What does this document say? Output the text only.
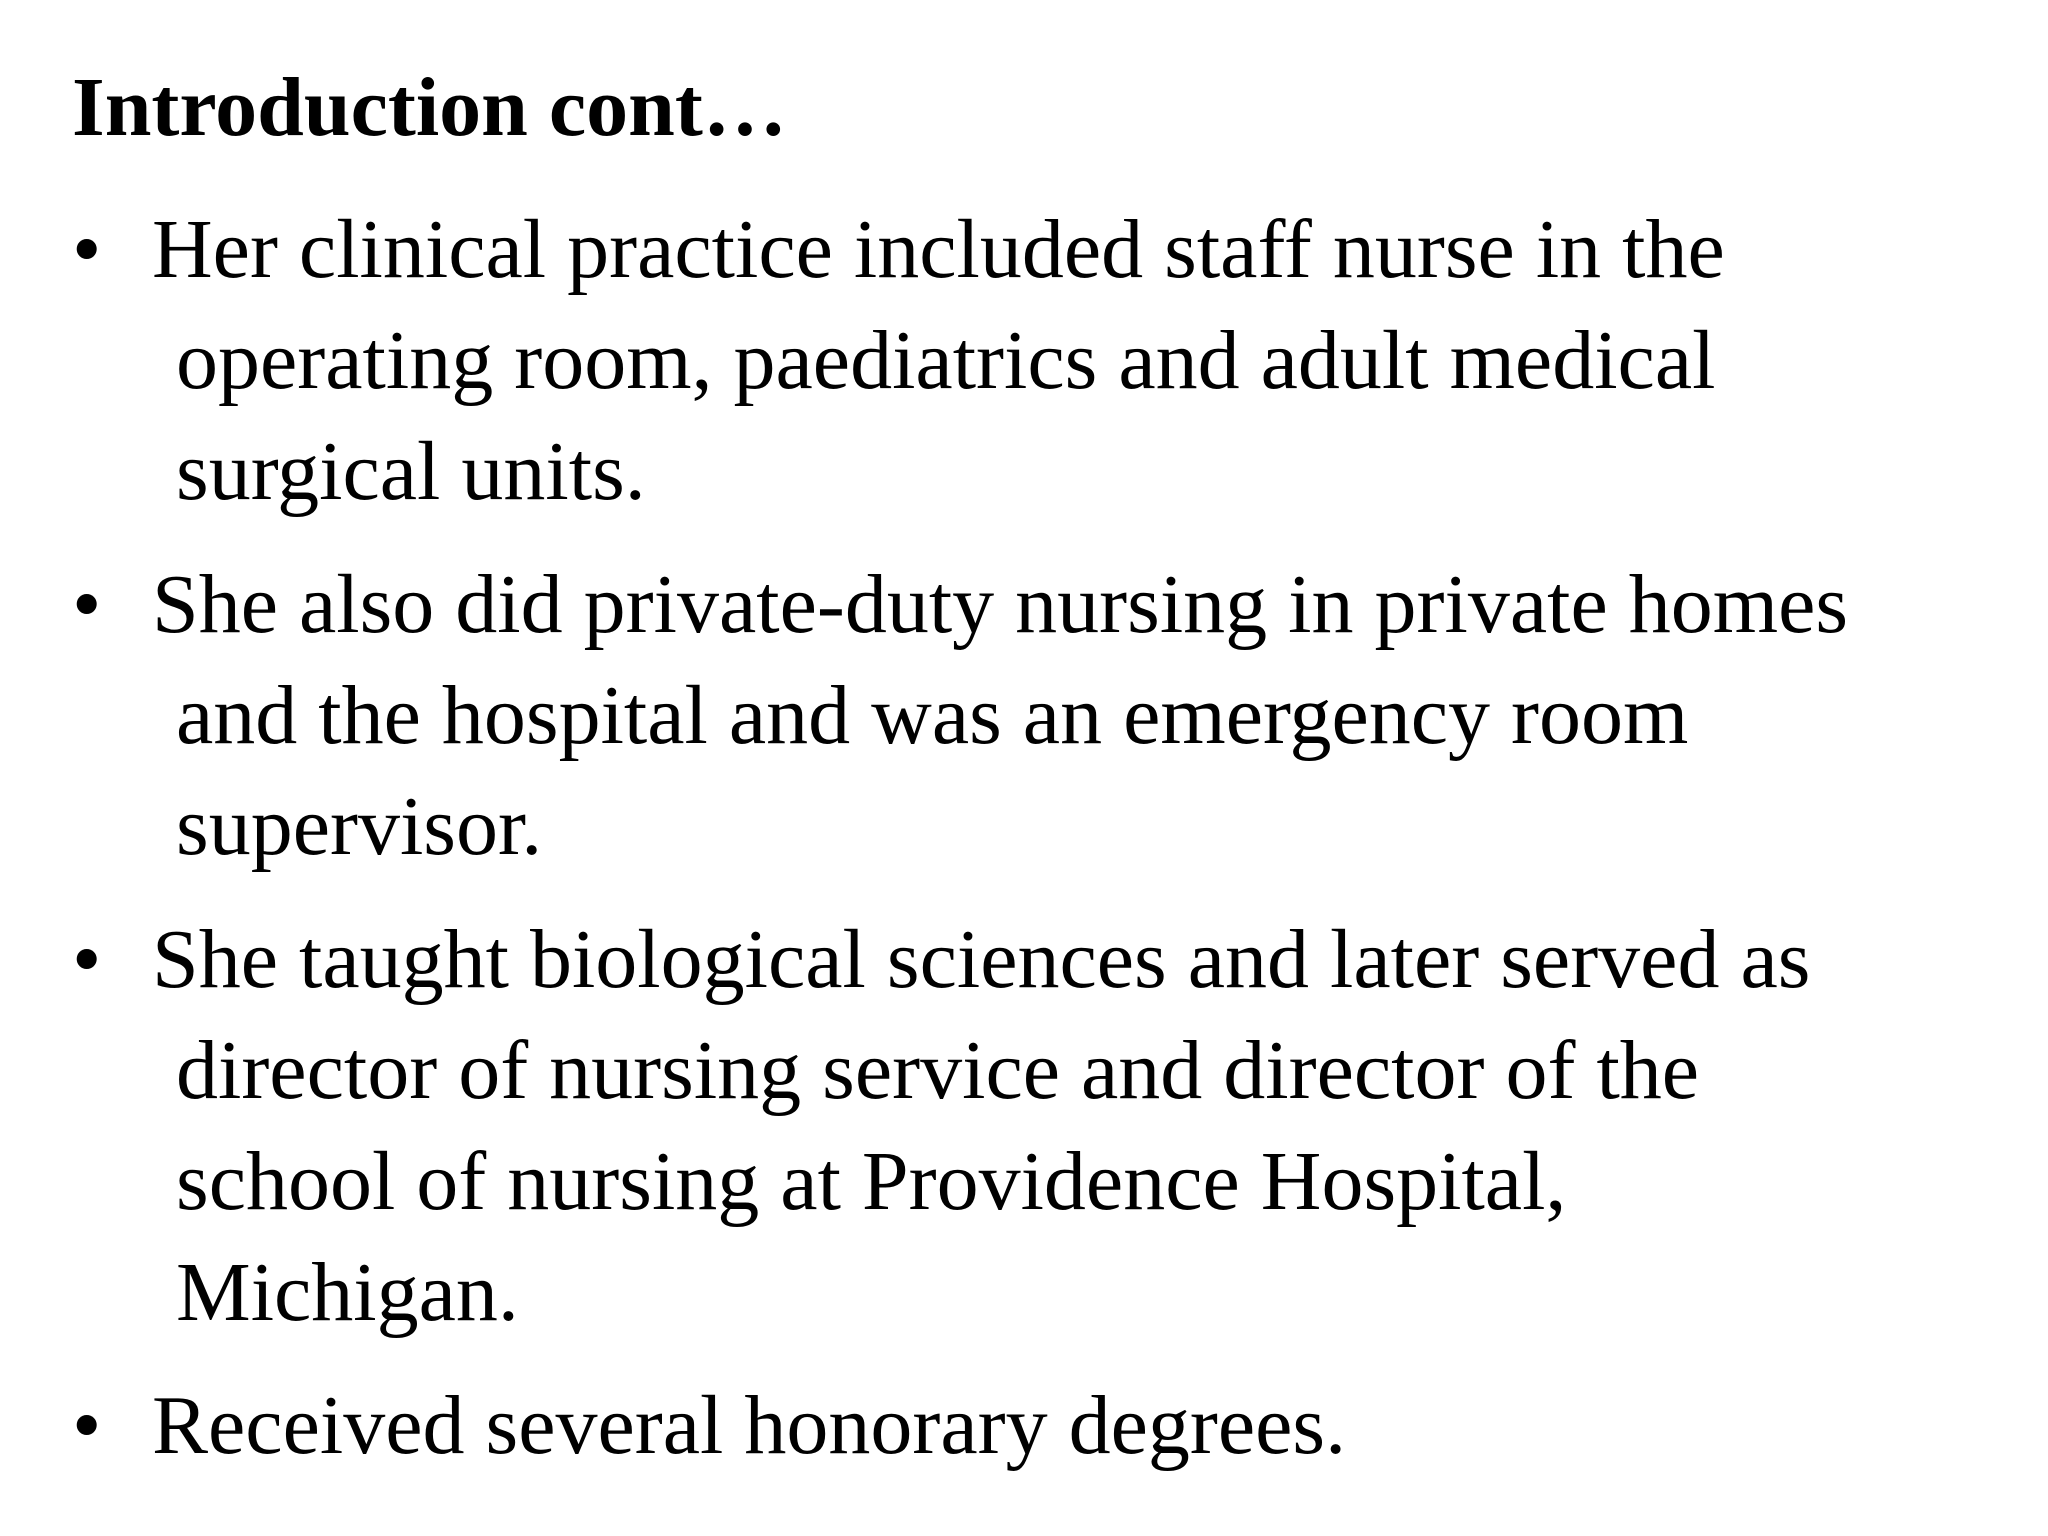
Introduction cont…
• Her clinical practice included staff nurse in the
operating room, paediatrics and adult medical
surgical units.
• She also did private-duty nursing in private homes
and the hospital and was an emergency room
supervisor.
• She taught biological sciences and later served as
director of nursing service and director of the
school of nursing at Providence Hospital,
Michigan.
• Received several honorary degrees.
